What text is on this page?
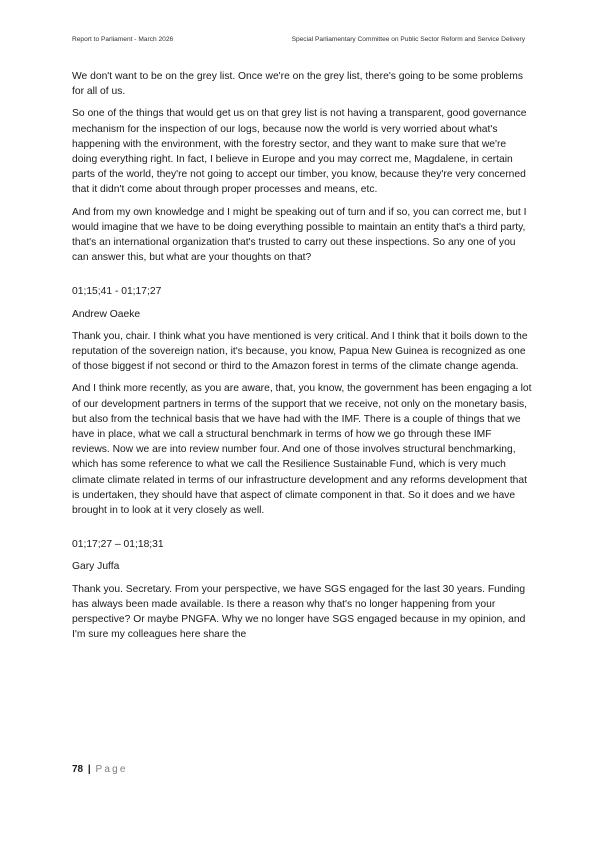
Report to Parliament - March 2026	Special Parliamentary Committee on Public Sector Reform and Service Delivery

We don't want to be on the grey list. Once we're on the grey list, there's going to be some problems for all of us.

So one of the things that would get us on that grey list is not having a transparent, good governance mechanism for the inspection of our logs, because now the world is very worried about what's happening with the environment, with the forestry sector, and they want to make sure that we're doing everything right. In fact, I believe in Europe and you may correct me, Magdalene, in certain parts of the world, they're not going to accept our timber, you know, because they're very concerned that it didn't come about through proper processes and means, etc.

And from my own knowledge and I might be speaking out of turn and if so, you can correct me, but I would imagine that we have to be doing everything possible to maintain an entity that's a third party, that's an international organization that's trusted to carry out these inspections. So any one of you can answer this, but what are your thoughts on that?

01;15;41 - 01;17;27
Andrew Oaeke

Thank you, chair. I think what you have mentioned is very critical. And I think that it boils down to the reputation of the sovereign nation, it's because, you know, Papua New Guinea is recognized as one of those biggest if not second or third to the Amazon forest in terms of the climate change agenda.

And I think more recently, as you are aware, that, you know, the government has been engaging a lot of our development partners in terms of the support that we receive, not only on the monetary basis, but also from the technical basis that we have had with the IMF. There is a couple of things that we have in place, what we call a structural benchmark in terms of how we go through these IMF reviews. Now we are into review number four. And one of those involves structural benchmarking, which has some reference to what we call the Resilience Sustainable Fund, which is very much climate climate related in terms of our infrastructure development and any reforms development that is undertaken, they should have that aspect of climate component in that. So it does and we have brought in to look at it very closely as well.

01;17;27 – 01;18;31
Gary Juffa

Thank you. Secretary. From your perspective, we have SGS engaged for the last 30 years. Funding has always been made available. Is there a reason why that's no longer happening from your perspective? Or maybe PNGFA. Why we no longer have SGS engaged because in my opinion, and I'm sure my colleagues here share the

78 | Page
